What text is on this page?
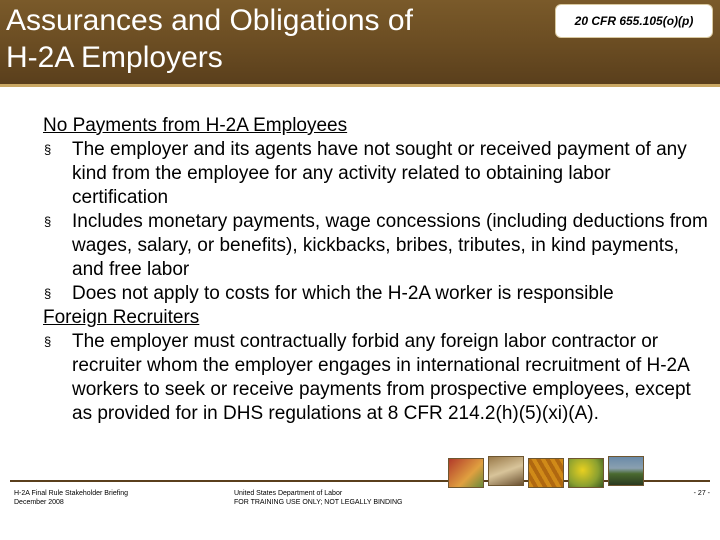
Assurances and Obligations of
H-2A Employers
20 CFR 655.105(o)(p)
No Payments from H-2A Employees
§ The employer and its agents have not sought or received payment of any kind from the employee for any activity related to obtaining labor certification
§ Includes monetary payments, wage concessions (including deductions from wages, salary, or benefits), kickbacks, bribes, tributes, in kind payments, and free labor
§ Does not apply to costs for which the H-2A worker is responsible
Foreign Recruiters
§ The employer must contractually forbid any foreign labor contractor or recruiter whom the employer engages in international recruitment of H-2A workers to seek or receive payments from prospective employees, except as provided for in DHS regulations at 8 CFR 214.2(h)(5)(xi)(A).
H-2A Final Rule Stakeholder Briefing
December 2008
United States Department of Labor
FOR TRAINING USE ONLY; NOT LEGALLY BINDING
- 27 -
